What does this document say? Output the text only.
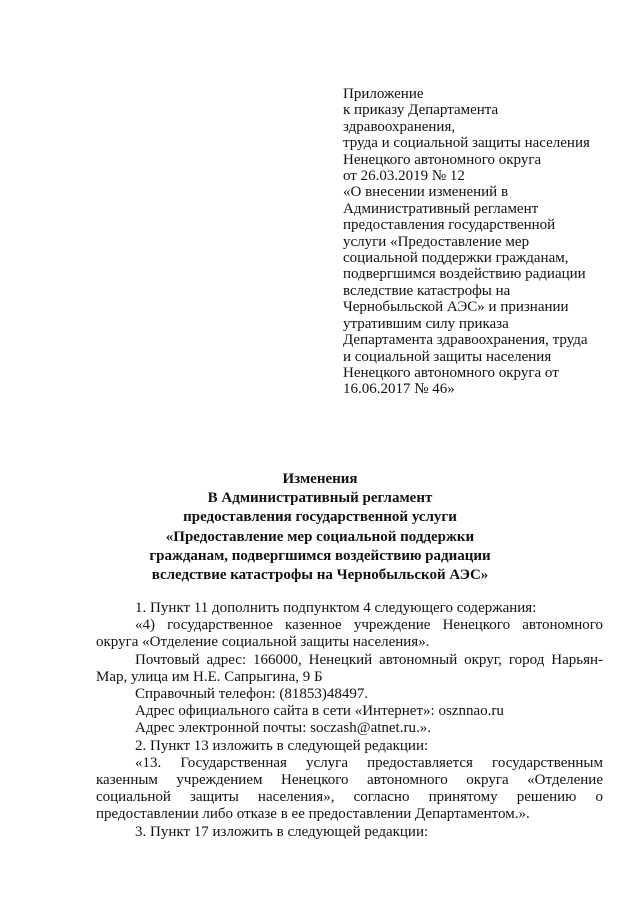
Приложение
к приказу Департамента
здравоохранения,
труда и социальной защиты населения
Ненецкого автономного округа
от 26.03.2019 № 12
«О внесении изменений в
Административный регламент
предоставления государственной
услуги «Предоставление мер
социальной поддержки гражданам,
подвергшимся воздействию радиации
вследствие катастрофы на
Чернобыльской АЭС» и признании
утратившим силу приказа
Департамента здравоохранения, труда
и социальной защиты населения
Ненецкого автономного округа от
16.06.2017 № 46»
Изменения
В Административный регламент
предоставления государственной услуги
«Предоставление мер социальной поддержки
гражданам, подвергшимся воздействию радиации
вследствие катастрофы на Чернобыльской АЭС»

1. Пункт 11 дополнить подпунктом 4 следующего содержания:

«4) государственное казенное учреждение Ненецкого автономного округа «Отделение социальной защиты населения».

Почтовый адрес: 166000, Ненецкий автономный округ, город Нарьян-Мар, улица им Н.Е. Сапрыгина, 9 Б

Справочный телефон: (81853)48497.

Адрес официального сайта в сети «Интернет»: osznnao.ru

Адрес электронной почты: soczash@atnet.ru.».

2. Пункт 13 изложить в следующей редакции:

«13. Государственная услуга предоставляется государственным казенным учреждением Ненецкого автономного округа «Отделение социальной защиты населения», согласно принятому решению о предоставлении либо отказе в ее предоставлении Департаментом.».

3. Пункт 17 изложить в следующей редакции:
